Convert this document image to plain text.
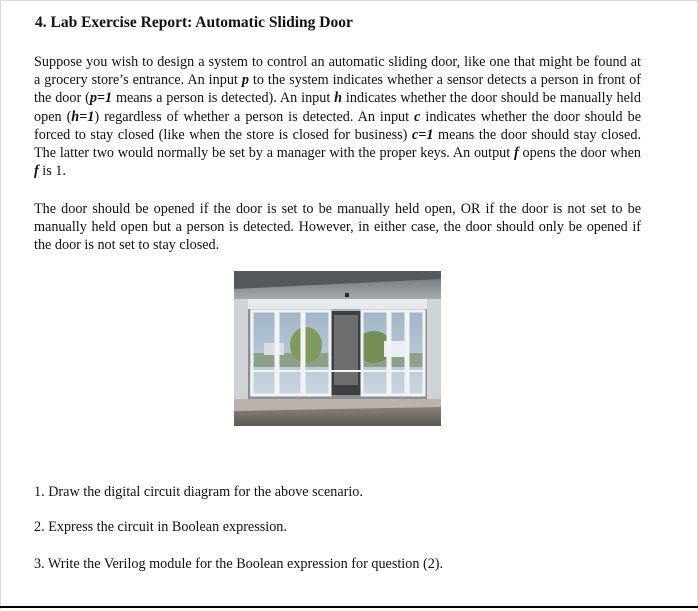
4. Lab Exercise Report: Automatic Sliding Door
Suppose you wish to design a system to control an automatic sliding door, like one that might be found at a grocery store’s entrance. An input p to the system indicates whether a sensor detects a person in front of the door (p=1 means a person is detected). An input h indicates whether the door should be manually held open (h=1) regardless of whether a person is detected. An input c indicates whether the door should be forced to stay closed (like when the store is closed for business) c=1 means the door should stay closed. The latter two would normally be set by a manager with the proper keys. An output f opens the door when f is 1.
The door should be opened if the door is set to be manually held open, OR if the door is not set to be manually held open but a person is detected. However, in either case, the door should only be opened if the door is not set to stay closed.
1. Draw the digital circuit diagram for the above scenario.
2. Express the circuit in Boolean expression.
3. Write the Verilog module for the Boolean expression for question (2).
